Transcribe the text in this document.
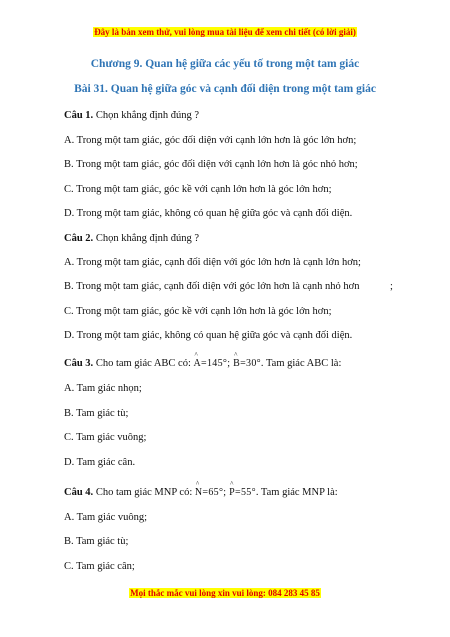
Đây là bản xem thử, vui lòng mua tài liệu để xem chi tiết (có lời giải)
Chương 9. Quan hệ giữa các yếu tố trong một tam giác
Bài 31. Quan hệ giữa góc và cạnh đối diện trong một tam giác
Câu 1. Chọn khẳng định đúng ?
A. Trong một tam giác, góc đối diện với cạnh lớn hơn là góc lớn hơn;
B. Trong một tam giác, góc đối diện với cạnh lớn hơn là góc nhỏ hơn;
C. Trong một tam giác, góc kề với cạnh lớn hơn là góc lớn hơn;
D. Trong một tam giác, không có quan hệ giữa góc và cạnh đối diện.
Câu 2. Chọn khẳng định đúng ?
A. Trong một tam giác, cạnh đối diện với góc lớn hơn là cạnh lớn hơn;
B. Trong một tam giác, cạnh đối diện với góc lớn hơn là cạnh nhỏ hơn	;
C. Trong một tam giác, góc kề với cạnh lớn hơn là góc lớn hơn;
D. Trong một tam giác, không có quan hệ giữa góc và cạnh đối diện.
Câu 3. Cho tam giác ABC có: ^ A=145°; ^ B=30°. Tam giác ABC là:
A. Tam giác nhọn;
B. Tam giác tù;
C. Tam giác vuông;
D. Tam giác cân.
Câu 4. Cho tam giác MNP có: ^ N=65°; ^ P=55°. Tam giác MNP là:
A. Tam giác vuông;
B. Tam giác tù;
C. Tam giác cân;
Mọi thắc mắc vui lòng xin vui lòng: 084 283 45 85
